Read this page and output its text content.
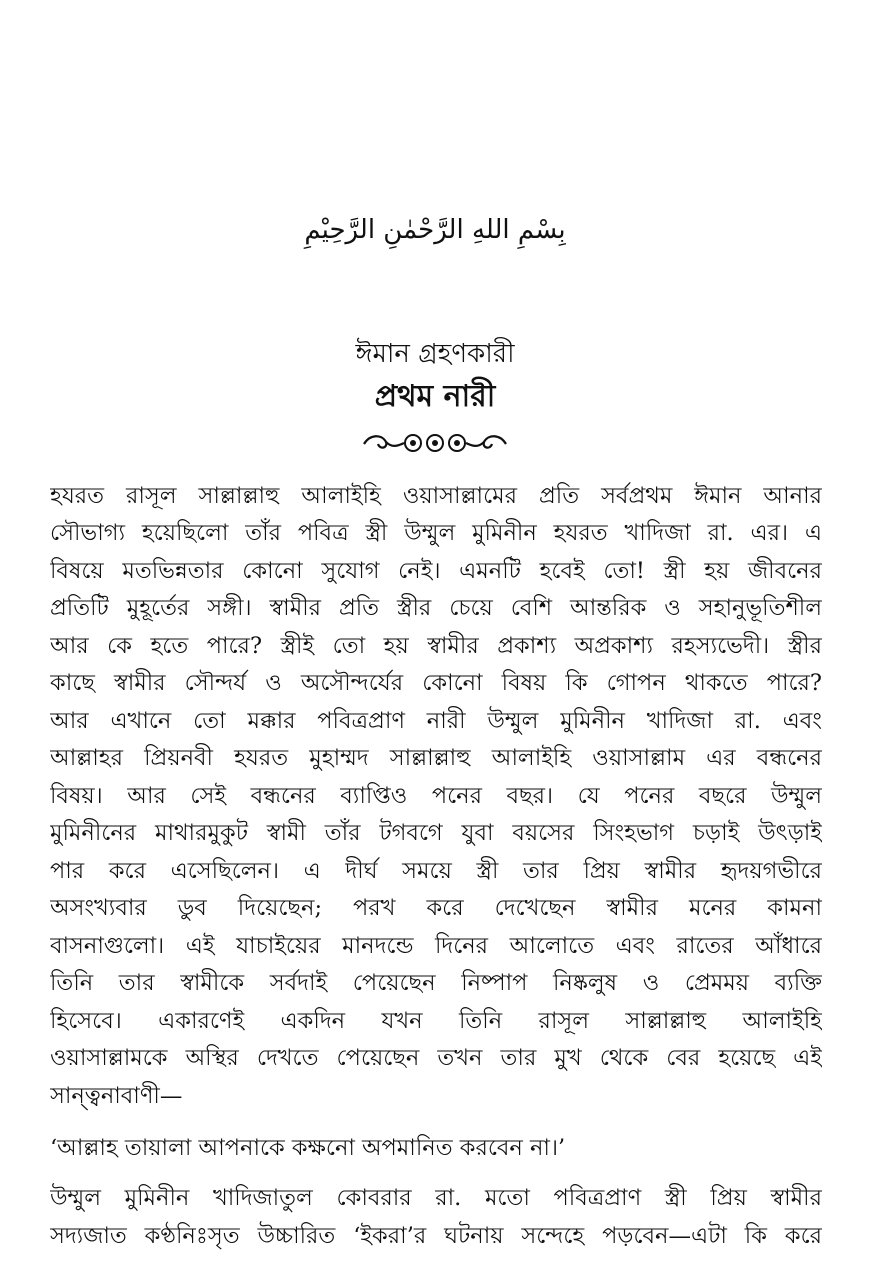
بِسْمِ اللهِ الرَّحْمٰنِ الرَّحِيْمِ
ঈমান গ্রহণকারী
প্রথম নারী
হযরত রাসূল সাল্লাল্লাহু আলাইহি ওয়াসাল্লামের প্রতি সর্বপ্রথম ঈমান আনার
সৌভাগ্য হয়েছিলো তাঁর পবিত্র স্ত্রী উম্মুল মুমিনীন হযরত খাদিজা রা. এর। এ
বিষয়ে মতভিন্নতার কোনো সুযোগ নেই। এমনটি হবেই তো! স্ত্রী হয় জীবনের
প্রতিটি মুহূর্তের সঙ্গী। স্বামীর প্রতি স্ত্রীর চেয়ে বেশি আন্তরিক ও সহানুভূতিশীল
আর কে হতে পারে? স্ত্রীই তো হয় স্বামীর প্রকাশ্য অপ্রকাশ্য রহস্যভেদী। স্ত্রীর
কাছে স্বামীর সৌন্দর্য ও অসৌন্দর্যের কোনো বিষয় কি গোপন থাকতে পারে?
আর এখানে তো মক্কার পবিত্রপ্রাণ নারী উম্মুল মুমিনীন খাদিজা রা. এবং
আল্লাহর প্রিয়নবী হযরত মুহাম্মদ সাল্লাল্লাহু আলাইহি ওয়াসাল্লাম এর বন্ধনের
বিষয়। আর সেই বন্ধনের ব্যাপ্তিও পনের বছর। যে পনের বছরে উম্মুল
মুমিনীনের মাথারমুকুট স্বামী তাঁর টগবগে যুবা বয়সের সিংহভাগ চড়াই উৎড়াই
পার করে এসেছিলেন। এ দীর্ঘ সময়ে স্ত্রী তার প্রিয় স্বামীর হৃদয়গভীরে
অসংখ্যবার ডুব দিয়েছেন; পরখ করে দেখেছেন স্বামীর মনের কামনা
বাসনাগুলো। এই যাচাইয়ের মানদন্ডে দিনের আলোতে এবং রাতের আঁধারে
তিনি তার স্বামীকে সর্বদাই পেয়েছেন নিষ্পাপ নিষ্কলুষ ও প্রেমময় ব্যক্তি
হিসেবে। একারণেই একদিন যখন তিনি রাসূল সাল্লাল্লাহু আলাইহি
ওয়াসাল্লামকে অস্থির দেখতে পেয়েছেন তখন তার মুখ থেকে বের হয়েছে এই
সান্ত্বনাবাণী—
‘আল্লাহ তায়ালা আপনাকে কক্ষনো অপমানিত করবেন না।’
উম্মুল মুমিনীন খাদিজাতুল কোবরার রা. মতো পবিত্রপ্রাণ স্ত্রী প্রিয় স্বামীর
সদ্যজাত কণ্ঠনিঃসৃত উচ্চারিত ‘ইকরা’র ঘটনায় সন্দেহে পড়বেন—এটা কি করে
